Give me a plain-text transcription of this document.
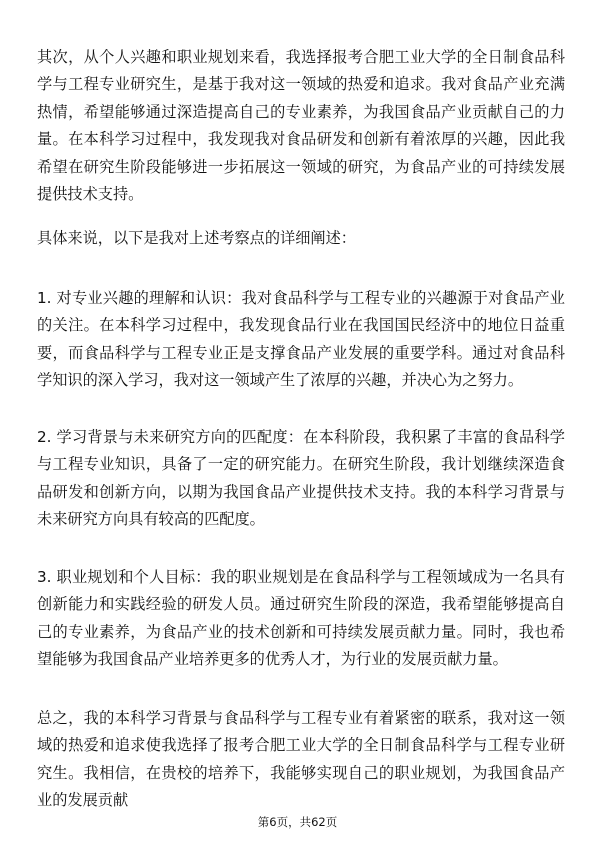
其次，从个人兴趣和职业规划来看，我选择报考合肥工业大学的全日制食品科学与工程专业研究生，是基于我对这一领域的热爱和追求。我对食品产业充满热情，希望能够通过深造提高自己的专业素养，为我国食品产业贡献自己的力量。在本科学习过程中，我发现我对食品研发和创新有着浓厚的兴趣，因此我希望在研究生阶段能够进一步拓展这一领域的研究，为食品产业的可持续发展提供技术支持。

具体来说，以下是我对上述考察点的详细阐述：

1. 对专业兴趣的理解和认识：我对食品科学与工程专业的兴趣源于对食品产业的关注。在本科学习过程中，我发现食品行业在我国国民经济中的地位日益重要，而食品科学与工程专业正是支撑食品产业发展的重要学科。通过对食品科学知识的深入学习，我对这一领域产生了浓厚的兴趣，并决心为之努力。

2. 学习背景与未来研究方向的匹配度：在本科阶段，我积累了丰富的食品科学与工程专业知识，具备了一定的研究能力。在研究生阶段，我计划继续深造食品研发和创新方向，以期为我国食品产业提供技术支持。我的本科学习背景与未来研究方向具有较高的匹配度。

3. 职业规划和个人目标：我的职业规划是在食品科学与工程领域成为一名具有创新能力和实践经验的研发人员。通过研究生阶段的深造，我希望能够提高自己的专业素养，为食品产业的技术创新和可持续发展贡献力量。同时，我也希望能够为我国食品产业培养更多的优秀人才，为行业的发展贡献力量。

总之，我的本科学习背景与食品科学与工程专业有着紧密的联系，我对这一领域的热爱和追求使我选择了报考合肥工业大学的全日制食品科学与工程专业研究生。我相信，在贵校的培养下，我能够实现自己的职业规划，为我国食品产业的发展贡献

第6页，共62页
